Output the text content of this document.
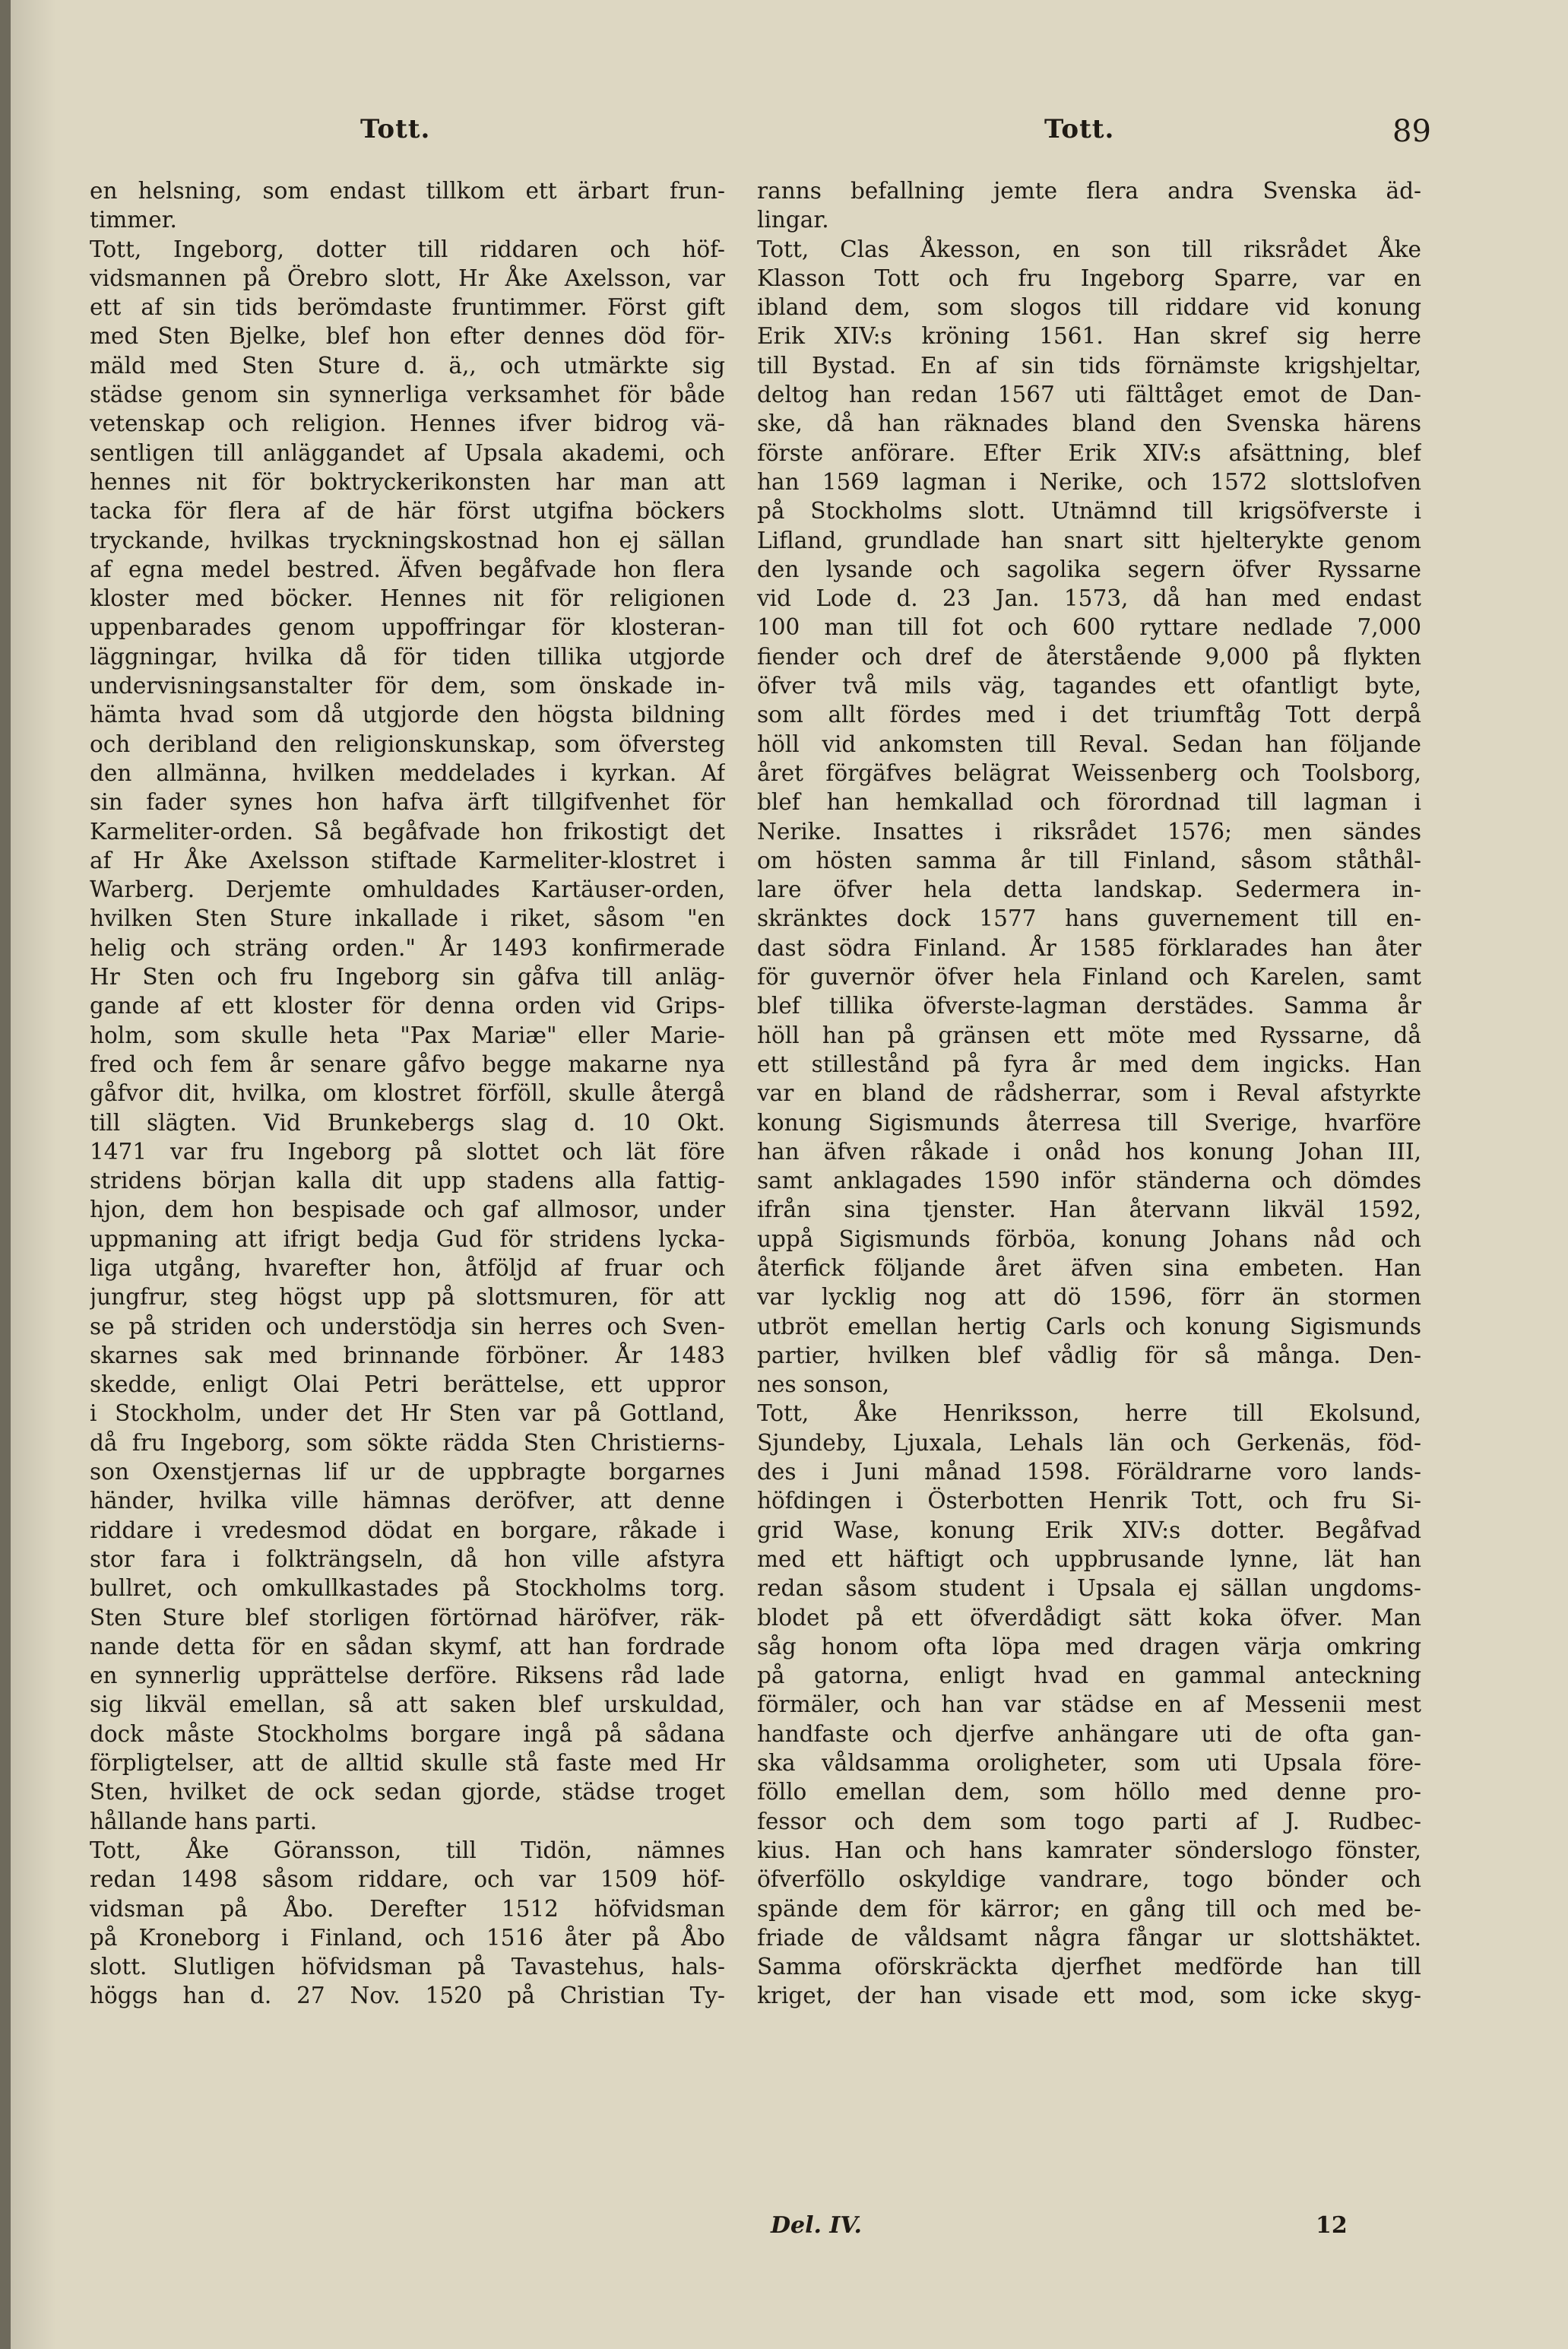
Tott.	Tott.	89
en helsning, som endast tillkom ett ärbart frun-
timmer.
Tott, Ingeborg, dotter till riddaren och höf-
vidsmannen på Örebro slott, Hr Åke Axelsson, var
ett af sin tids berömdaste fruntimmer. Först gift
med Sten Bjelke, blef hon efter dennes död för-
mäld med Sten Sture d. ä,, och utmärkte sig
städse genom sin synnerliga verksamhet för både
vetenskap och religion. Hennes ifver bidrog vä-
sentligen till anläggandet af Upsala akademi, och
hennes nit för boktryckerikonsten har man att
tacka för flera af de här först utgifna böckers
tryckande, hvilkas tryckningskostnad hon ej sällan
af egna medel bestred. Äfven begåfvade hon flera
kloster med böcker. Hennes nit för religionen
uppenbarades genom uppoffringar för klosteran-
läggningar, hvilka då för tiden tillika utgjorde
undervisningsanstalter för dem, som önskade in-
hämta hvad som då utgjorde den högsta bildning
och deribland den religionskunskap, som öfversteg
den allmänna, hvilken meddelades i kyrkan. Af
sin fader synes hon hafva ärft tillgifvenhet för
Karmeliter-orden. Så begåfvade hon frikostigt det
af Hr Åke Axelsson stiftade Karmeliter-klostret i
Warberg. Derjemte omhuldades Kartäuser-orden,
hvilken Sten Sture inkallade i riket, såsom "en
helig och sträng orden." År 1493 konfirmerade
Hr Sten och fru Ingeborg sin gåfva till anläg-
gande af ett kloster för denna orden vid Grips-
holm, som skulle heta "Pax Mariæ" eller Marie-
fred och fem år senare gåfvo begge makarne nya
gåfvor dit, hvilka, om klostret förföll, skulle återgå
till slägten. Vid Brunkebergs slag d. 10 Okt.
1471 var fru Ingeborg på slottet och lät före
stridens början kalla dit upp stadens alla fattig-
hjon, dem hon bespisade och gaf allmosor, under
uppmaning att ifrigt bedja Gud för stridens lycka-
liga utgång, hvarefter hon, åtföljd af fruar och
jungfrur, steg högst upp på slottsmuren, för att
se på striden och understödja sin herres och Sven-
skarnes sak med brinnande förböner. År 1483
skedde, enligt Olai Petri berättelse, ett uppror
i Stockholm, under det Hr Sten var på Gottland,
då fru Ingeborg, som sökte rädda Sten Christierns-
son Oxenstjernas lif ur de uppbragte borgarnes
händer, hvilka ville hämnas deröfver, att denne
riddare i vredesmod dödat en borgare, råkade i
stor fara i folkträngseln, då hon ville afstyra
bullret, och omkullkastades på Stockholms torg.
Sten Sture blef storligen förtörnad häröfver, räk-
nande detta för en sådan skymf, att han fordrade
en synnerlig upprättelse derföre. Riksens råd lade
sig likväl emellan, så att saken blef urskuldad,
dock måste Stockholms borgare ingå på sådana
förpligtelser, att de alltid skulle stå faste med Hr
Sten, hvilket de ock sedan gjorde, städse troget
hållande hans parti.
Tott, Åke Göransson, till Tidön, nämnes
redan 1498 såsom riddare, och var 1509 höf-
vidsman på Åbo. Derefter 1512 höfvidsman
på Kroneborg i Finland, och 1516 åter på Åbo
slott. Slutligen höfvidsman på Tavastehus, hals-
höggs han d. 27 Nov. 1520 på Christian Ty-
ranns befallning jemte flera andra Svenska äd-
lingar.
Tott, Clas Åkesson, en son till riksrådet Åke
Klasson Tott och fru Ingeborg Sparre, var en
ibland dem, som slogos till riddare vid konung
Erik XIV:s kröning 1561. Han skref sig herre
till Bystad. En af sin tids förnämste krigshjeltar,
deltog han redan 1567 uti fälttåget emot de Dan-
ske, då han räknades bland den Svenska härens
förste anförare. Efter Erik XIV:s afsättning, blef
han 1569 lagman i Nerike, och 1572 slottslofven
på Stockholms slott. Utnämnd till krigsöfverste i
Lifland, grundlade han snart sitt hjelterykte genom
den lysande och sagolika segern öfver Ryssarne
vid Lode d. 23 Jan. 1573, då han med endast
100 man till fot och 600 ryttare nedlade 7,000
fiender och dref de återstående 9,000 på flykten
öfver två mils väg, tagandes ett ofantligt byte,
som allt fördes med i det triumftåg Tott derpå
höll vid ankomsten till Reval. Sedan han följande
året förgäfves belägrat Weissenberg och Toolsborg,
blef han hemkallad och förordnad till lagman i
Nerike. Insattes i riksrådet 1576; men sändes
om hösten samma år till Finland, såsom ståthål-
lare öfver hela detta landskap. Sedermera in-
skränktes dock 1577 hans guvernement till en-
dast södra Finland. År 1585 förklarades han åter
för guvernör öfver hela Finland och Karelen, samt
blef tillika öfverste-lagman derstädes. Samma år
höll han på gränsen ett möte med Ryssarne, då
ett stillestånd på fyra år med dem ingicks. Han
var en bland de rådsherrar, som i Reval afstyrkte
konung Sigismunds återresa till Sverige, hvarföre
han äfven råkade i onåd hos konung Johan III,
samt anklagades 1590 inför ständerna och dömdes
ifrån sina tjenster. Han återvann likväl 1592,
uppå Sigismunds förböa, konung Johans nåd och
återfick följande året äfven sina embeten. Han
var lycklig nog att dö 1596, förr än stormen
utbröt emellan hertig Carls och konung Sigismunds
partier, hvilken blef vådlig för så många. Den-
nes sonson,
Tott, Åke Henriksson, herre till Ekolsund,
Sjundeby, Ljuxala, Lehals län och Gerkenäs, föd-
des i Juni månad 1598. Föräldrarne voro lands-
höfdingen i Österbotten Henrik Tott, och fru Si-
grid Wase, konung Erik XIV:s dotter. Begåfvad
med ett häftigt och uppbrusande lynne, lät han
redan såsom student i Upsala ej sällan ungdoms-
blodet på ett öfverdådigt sätt koka öfver. Man
såg honom ofta löpa med dragen värja omkring
på gatorna, enligt hvad en gammal anteckning
förmäler, och han var städse en af Messenii mest
handfaste och djerfve anhängare uti de ofta gan-
ska våldsamma oroligheter, som uti Upsala före-
föllo emellan dem, som höllo med denne pro-
fessor och dem som togo parti af J. Rudbec-
kius. Han och hans kamrater sönderslogo fönster,
öfverföllo oskyldige vandrare, togo bönder och
spände dem för kärror; en gång till och med be-
friade de våldsamt några fångar ur slottshäktet.
Samma oförskräckta djerfhet medförde han till
kriget, der han visade ett mod, som icke skyg-
Del. IV.	12
